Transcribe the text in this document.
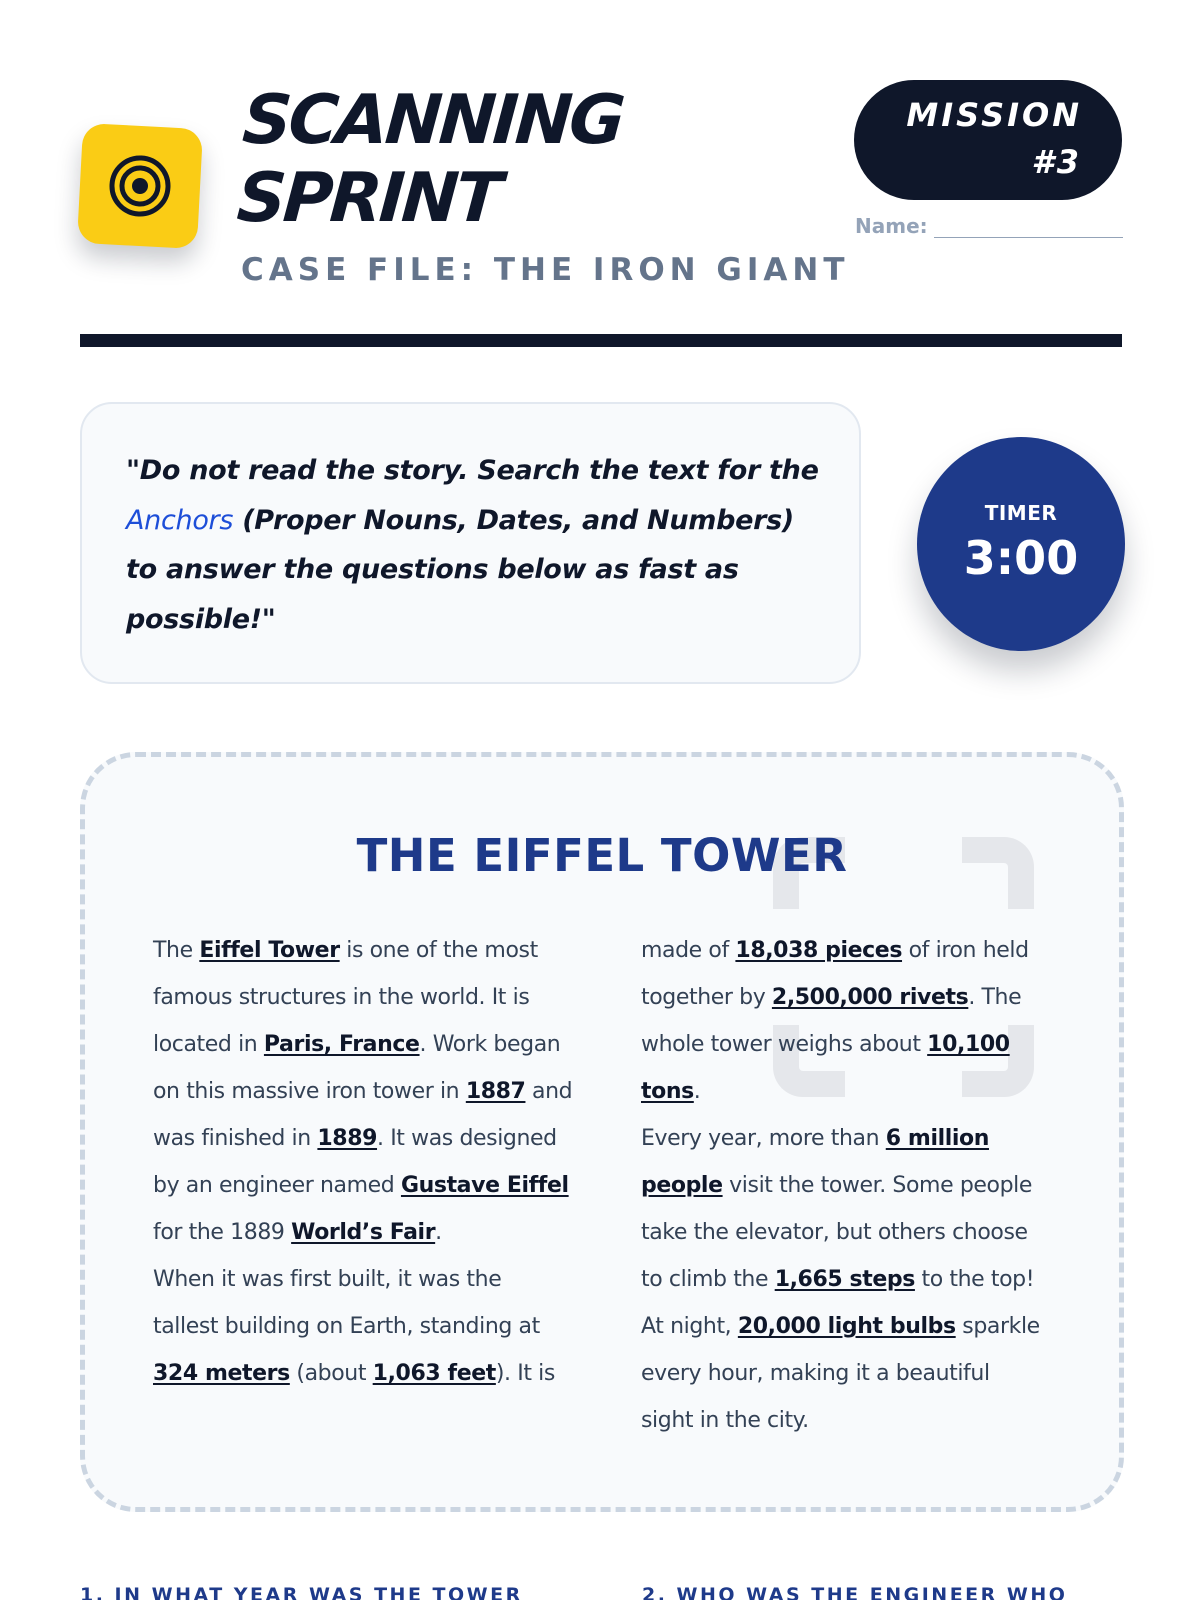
SCANNING
SPRINT
CASE FILE: THE IRON GIANT
MISSION
#3
Name:
"Do not read the story. Search the text for the Anchors (Proper Nouns, Dates, and Numbers) to answer the questions below as fast as possible!"
TIMER
3:00
THE EIFFEL TOWER

The Eiffel Tower is one of the most famous structures in the world. It is located in Paris, France. Work began on this massive iron tower in 1887 and was finished in 1889. It was designed by an engineer named Gustave Eiffel for the 1889 World’s Fair.

When it was first built, it was the tallest building on Earth, standing at 324 meters (about 1,063 feet). It is

made of 18,038 pieces of iron held together by 2,500,000 rivets. The whole tower weighs about 10,100 tons.

Every year, more than 6 million people visit the tower. Some people take the elevator, but others choose to climb the 1,665 steps to the top! At night, 20,000 light bulbs sparkle every hour, making it a beautiful sight in the city.

1. IN WHAT YEAR WAS THE TOWER	2. WHO WAS THE ENGINEER WHO
